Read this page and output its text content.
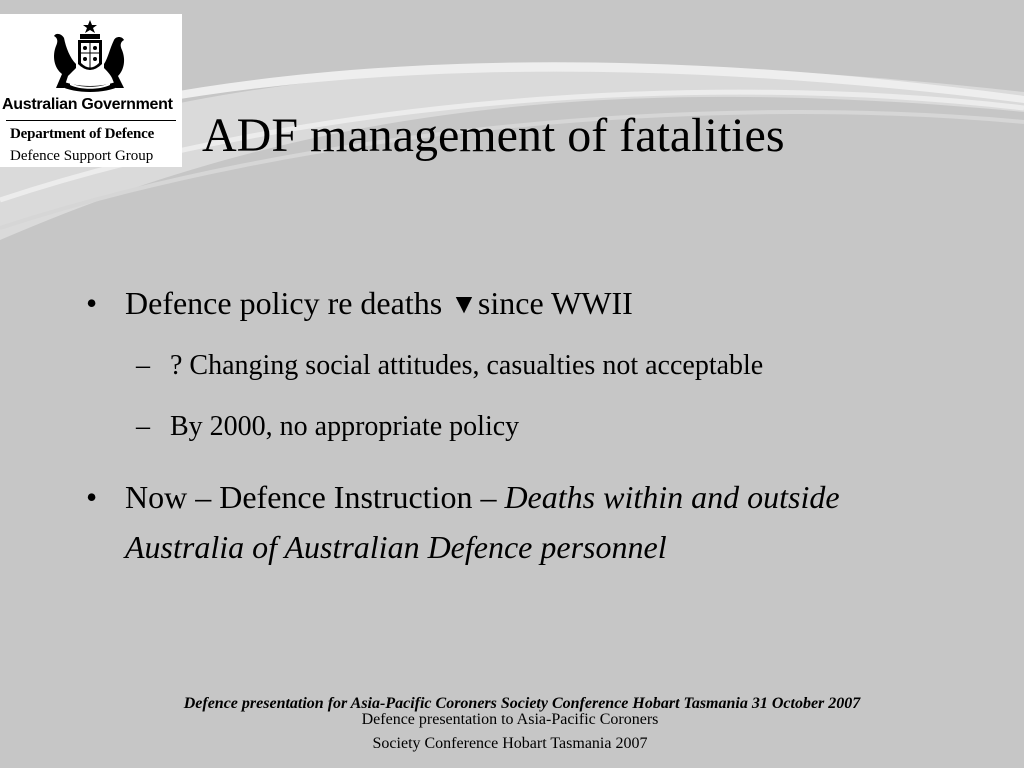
Australian Government
Department of Defence
Defence Support Group ADF management of fatalities
• Defence policy re deaths ▼since WWII
– ? Changing social attitudes, casualties not acceptable
– By 2000, no appropriate policy
• Now – Defence Instruction – Deaths within and outside Australia of Australian Defence personnel
Defence presentation for Asia-Pacific Coroners Society Conference Hobart Tasmania 31 October 2007
Defence presentation to Asia-Pacific Coroners Society Conference Hobart Tasmania 2007
